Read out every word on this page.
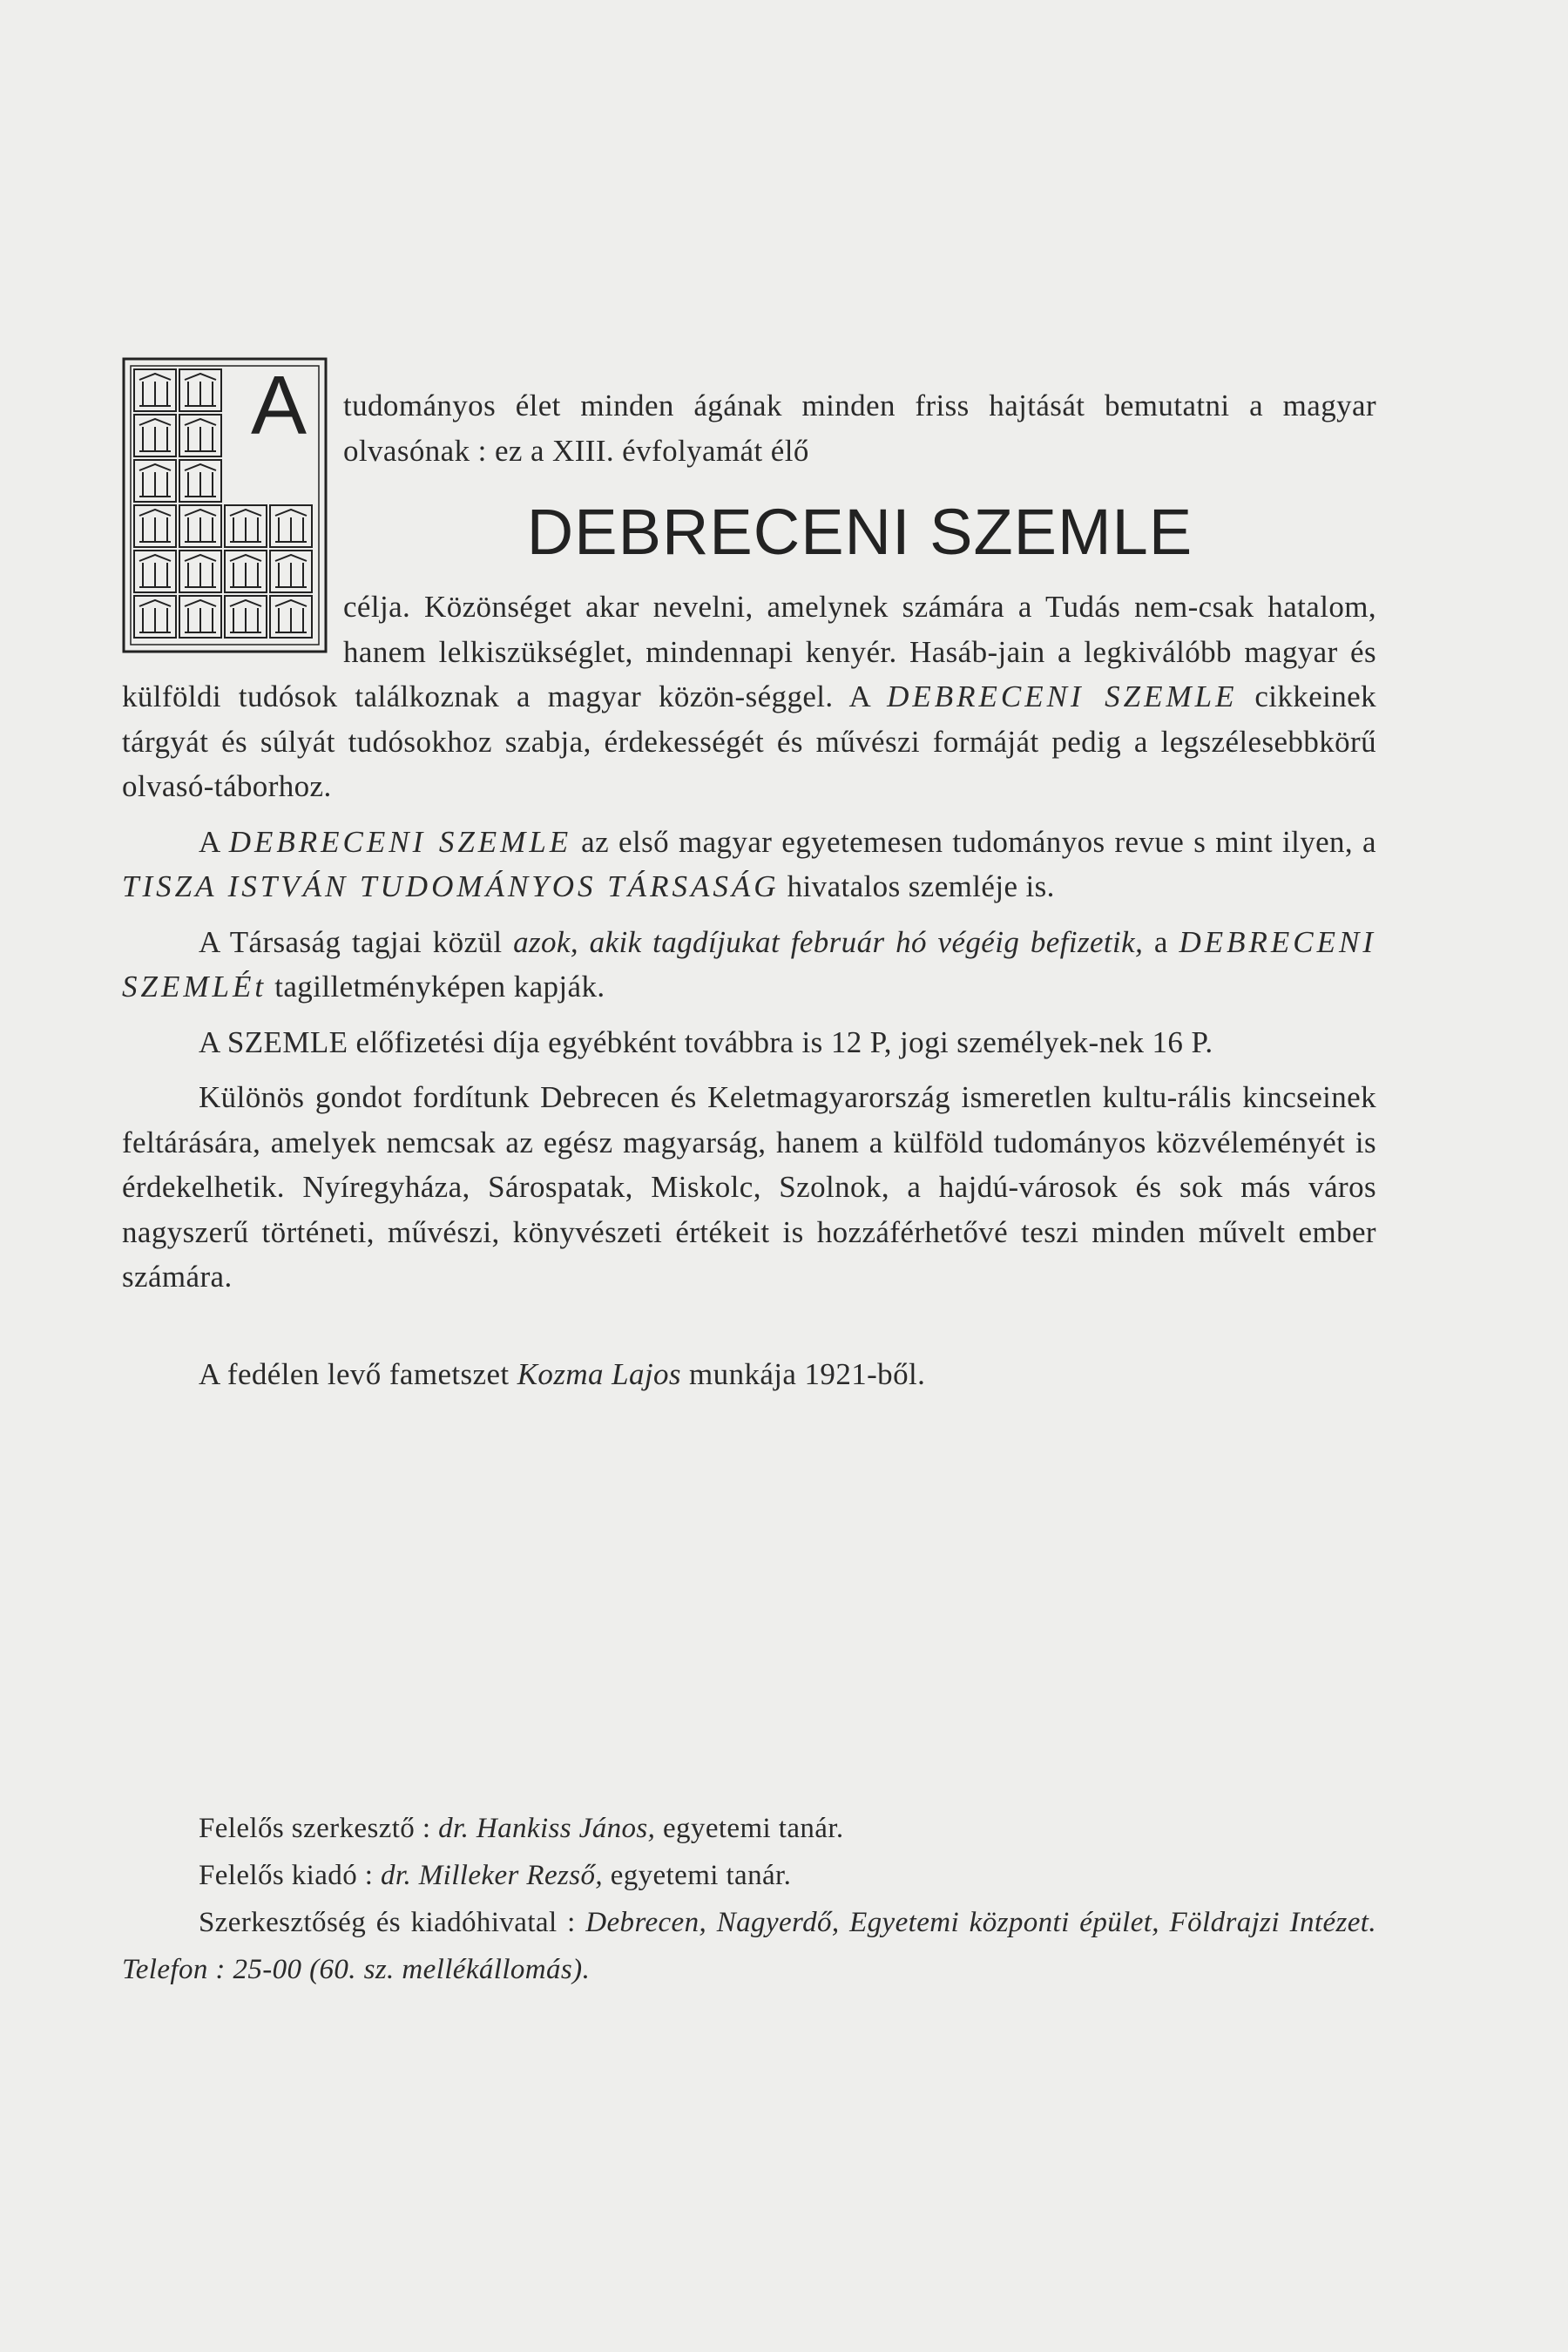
A	tudományos élet minden ágának minden friss hajtását bemutatni a magyar olvasónak : ez a XIII. évfolyamát élő
DEBRECENI SZEMLE
célja. Közönséget akar nevelni, amelynek számára a Tudás nem-csak hatalom, hanem lelkiszükséglet, mindennapi kenyér. Hasáb-jain a legkiválóbb magyar és külföldi tudósok találkoznak a magyar közön-séggel. A DEBRECENI SZEMLE cikkeinek tárgyát és súlyát tudósokhoz szabja, érdekességét és művészi formáját pedig a legszélesebbkörű olvasó-táborhoz.

A DEBRECENI SZEMLE az első magyar egyetemesen tudományos revue s mint ilyen, a TISZA ISTVÁN TUDOMÁNYOS TÁRSASÁG hivatalos szemléje is.

A Társaság tagjai közül azok, akik tagdíjukat február hó végéig befizetik, a DEBRECENI SZEMLÉt tagilletményképen kapják.

A SZEMLE előfizetési díja egyébként továbbra is 12 P, jogi személyek-nek 16 P.

Különös gondot fordítunk Debrecen és Keletmagyarország ismeretlen kultu-rális kincseinek feltárására, amelyek nemcsak az egész magyarság, hanem a külföld tudományos közvéleményét is érdekelhetik. Nyíregyháza, Sárospatak, Miskolc, Szolnok, a hajdú-városok és sok más város nagyszerű történeti, művészi, könyvészeti értékeit is hozzáférhetővé teszi minden művelt ember számára.

A fedélen levő fametszet Kozma Lajos munkája 1921-ből.

Felelős szerkesztő : dr. Hankiss János, egyetemi tanár.

Felelős kiadó : dr. Milleker Rezső, egyetemi tanár.

Szerkesztőség és kiadóhivatal : Debrecen, Nagyerdő, Egyetemi központi épület, Földrajzi Intézet. Telefon : 25-00 (60. sz. mellékállomás).
